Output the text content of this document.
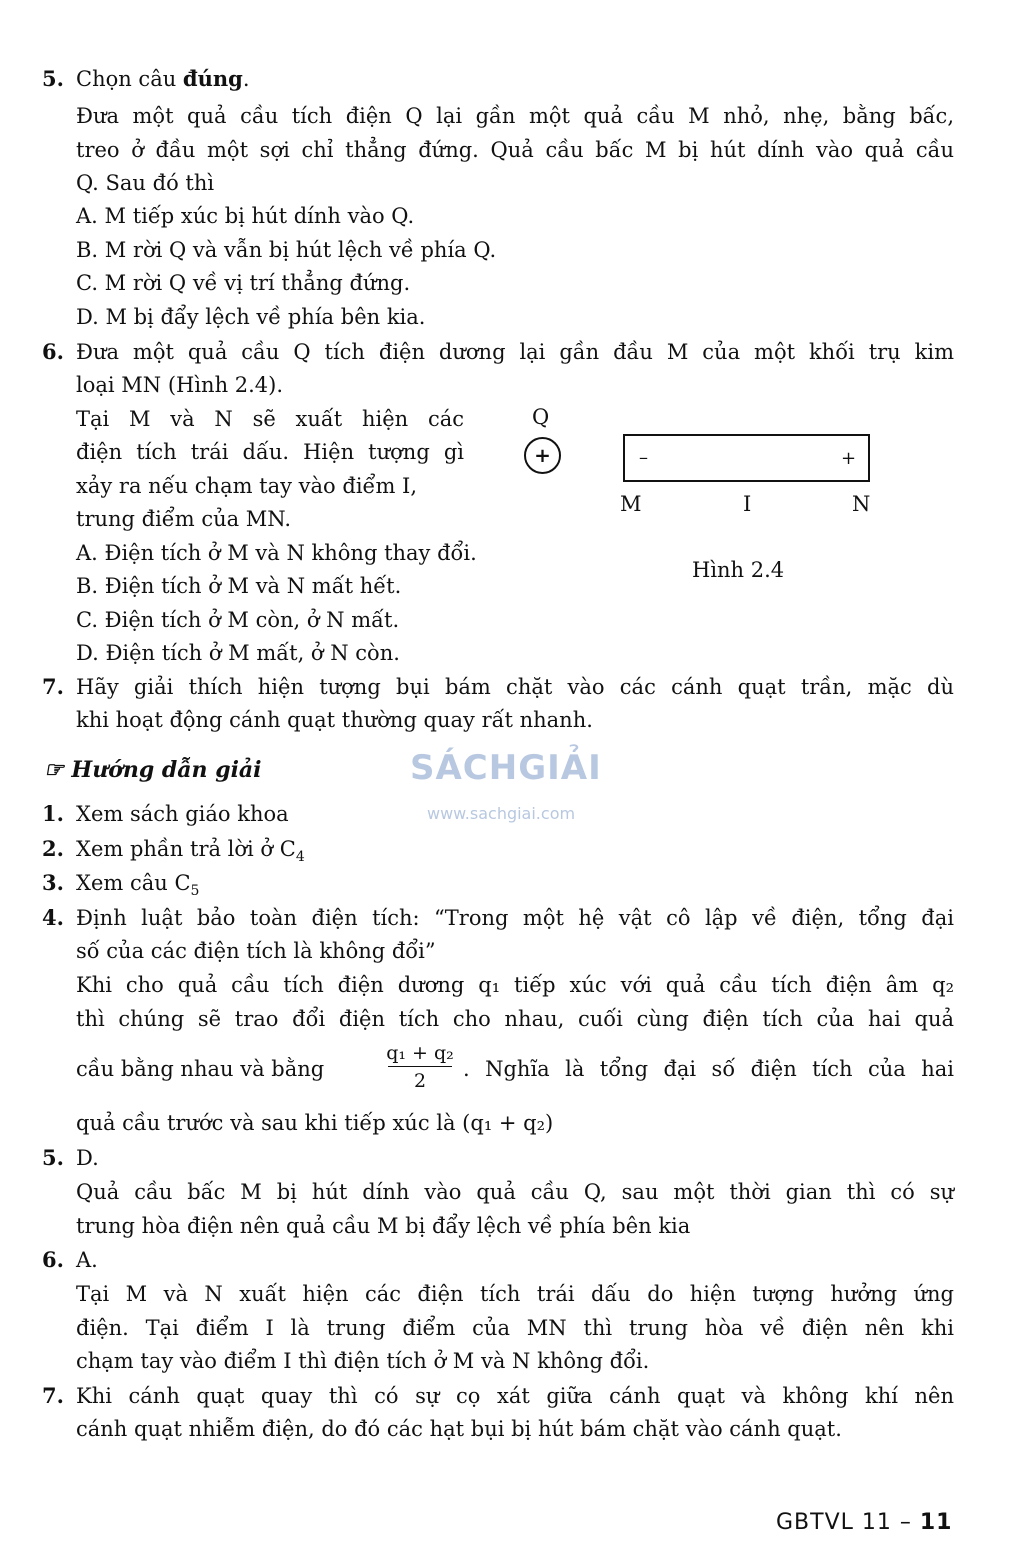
5. Chọn câu đúng.
Đưa một quả cầu tích điện Q lại gần một quả cầu M nhỏ, nhẹ, bằng bấc,
treo ở đầu một sợi chỉ thẳng đứng. Quả cầu bấc M bị hút dính vào quả cầu
Q. Sau đó thì
A. M tiếp xúc bị hút dính vào Q.
B. M rời Q và vẫn bị hút lệch về phía Q.
C. M rời Q về vị trí thẳng đứng.
D. M bị đẩy lệch về phía bên kia.
6. Đưa một quả cầu Q tích điện dương lại gần đầu M của một khối trụ kim
loại MN (Hình 2.4).
Tại M và N sẽ xuất hiện các
điện tích trái dấu. Hiện tượng gì
xảy ra nếu chạm tay vào điểm I,
trung điểm của MN.
A. Điện tích ở M và N không thay đổi.
B. Điện tích ở M và N mất hết.
C. Điện tích ở M còn, ở N mất.
D. Điện tích ở M mất, ở N còn.
Q
+	–	+
M	I	N
Hình 2.4
7. Hãy giải thích hiện tượng bụi bám chặt vào các cánh quạt trần, mặc dù
khi hoạt động cánh quạt thường quay rất nhanh.
☞ Hướng dẫn giải	SÁCHGIẢI
www.sachgiai.com
1. Xem sách giáo khoa
2. Xem phần trả lời ở $C_4$
3. Xem câu $C_5$
4. Định luật bảo toàn điện tích: “Trong một hệ vật cô lập về điện, tổng đại
số của các điện tích là không đổi”
Khi cho quả cầu tích điện dương q₁ tiếp xúc với quả cầu tích điện âm q₂
thì chúng sẽ trao đổi điện tích cho nhau, cuối cùng điện tích của hai quả
cầu bằng nhau và bằng
q₁ + q₂
2	. Nghĩa là tổng đại số điện tích của hai
quả cầu trước và sau khi tiếp xúc là (q₁ + q₂)
5. D.
Quả cầu bấc M bị hút dính vào quả cầu Q, sau một thời gian thì có sự
trung hòa điện nên quả cầu M bị đẩy lệch về phía bên kia
6. A.
Tại M và N xuất hiện các điện tích trái dấu do hiện tượng hưởng ứng
điện. Tại điểm I là trung điểm của MN thì trung hòa về điện nên khi
chạm tay vào điểm I thì điện tích ở M và N không đổi.
7. Khi cánh quạt quay thì có sự cọ xát giữa cánh quạt và không khí nên
cánh quạt nhiễm điện, do đó các hạt bụi bị hút bám chặt vào cánh quạt.
GBTVL 11 – 11
